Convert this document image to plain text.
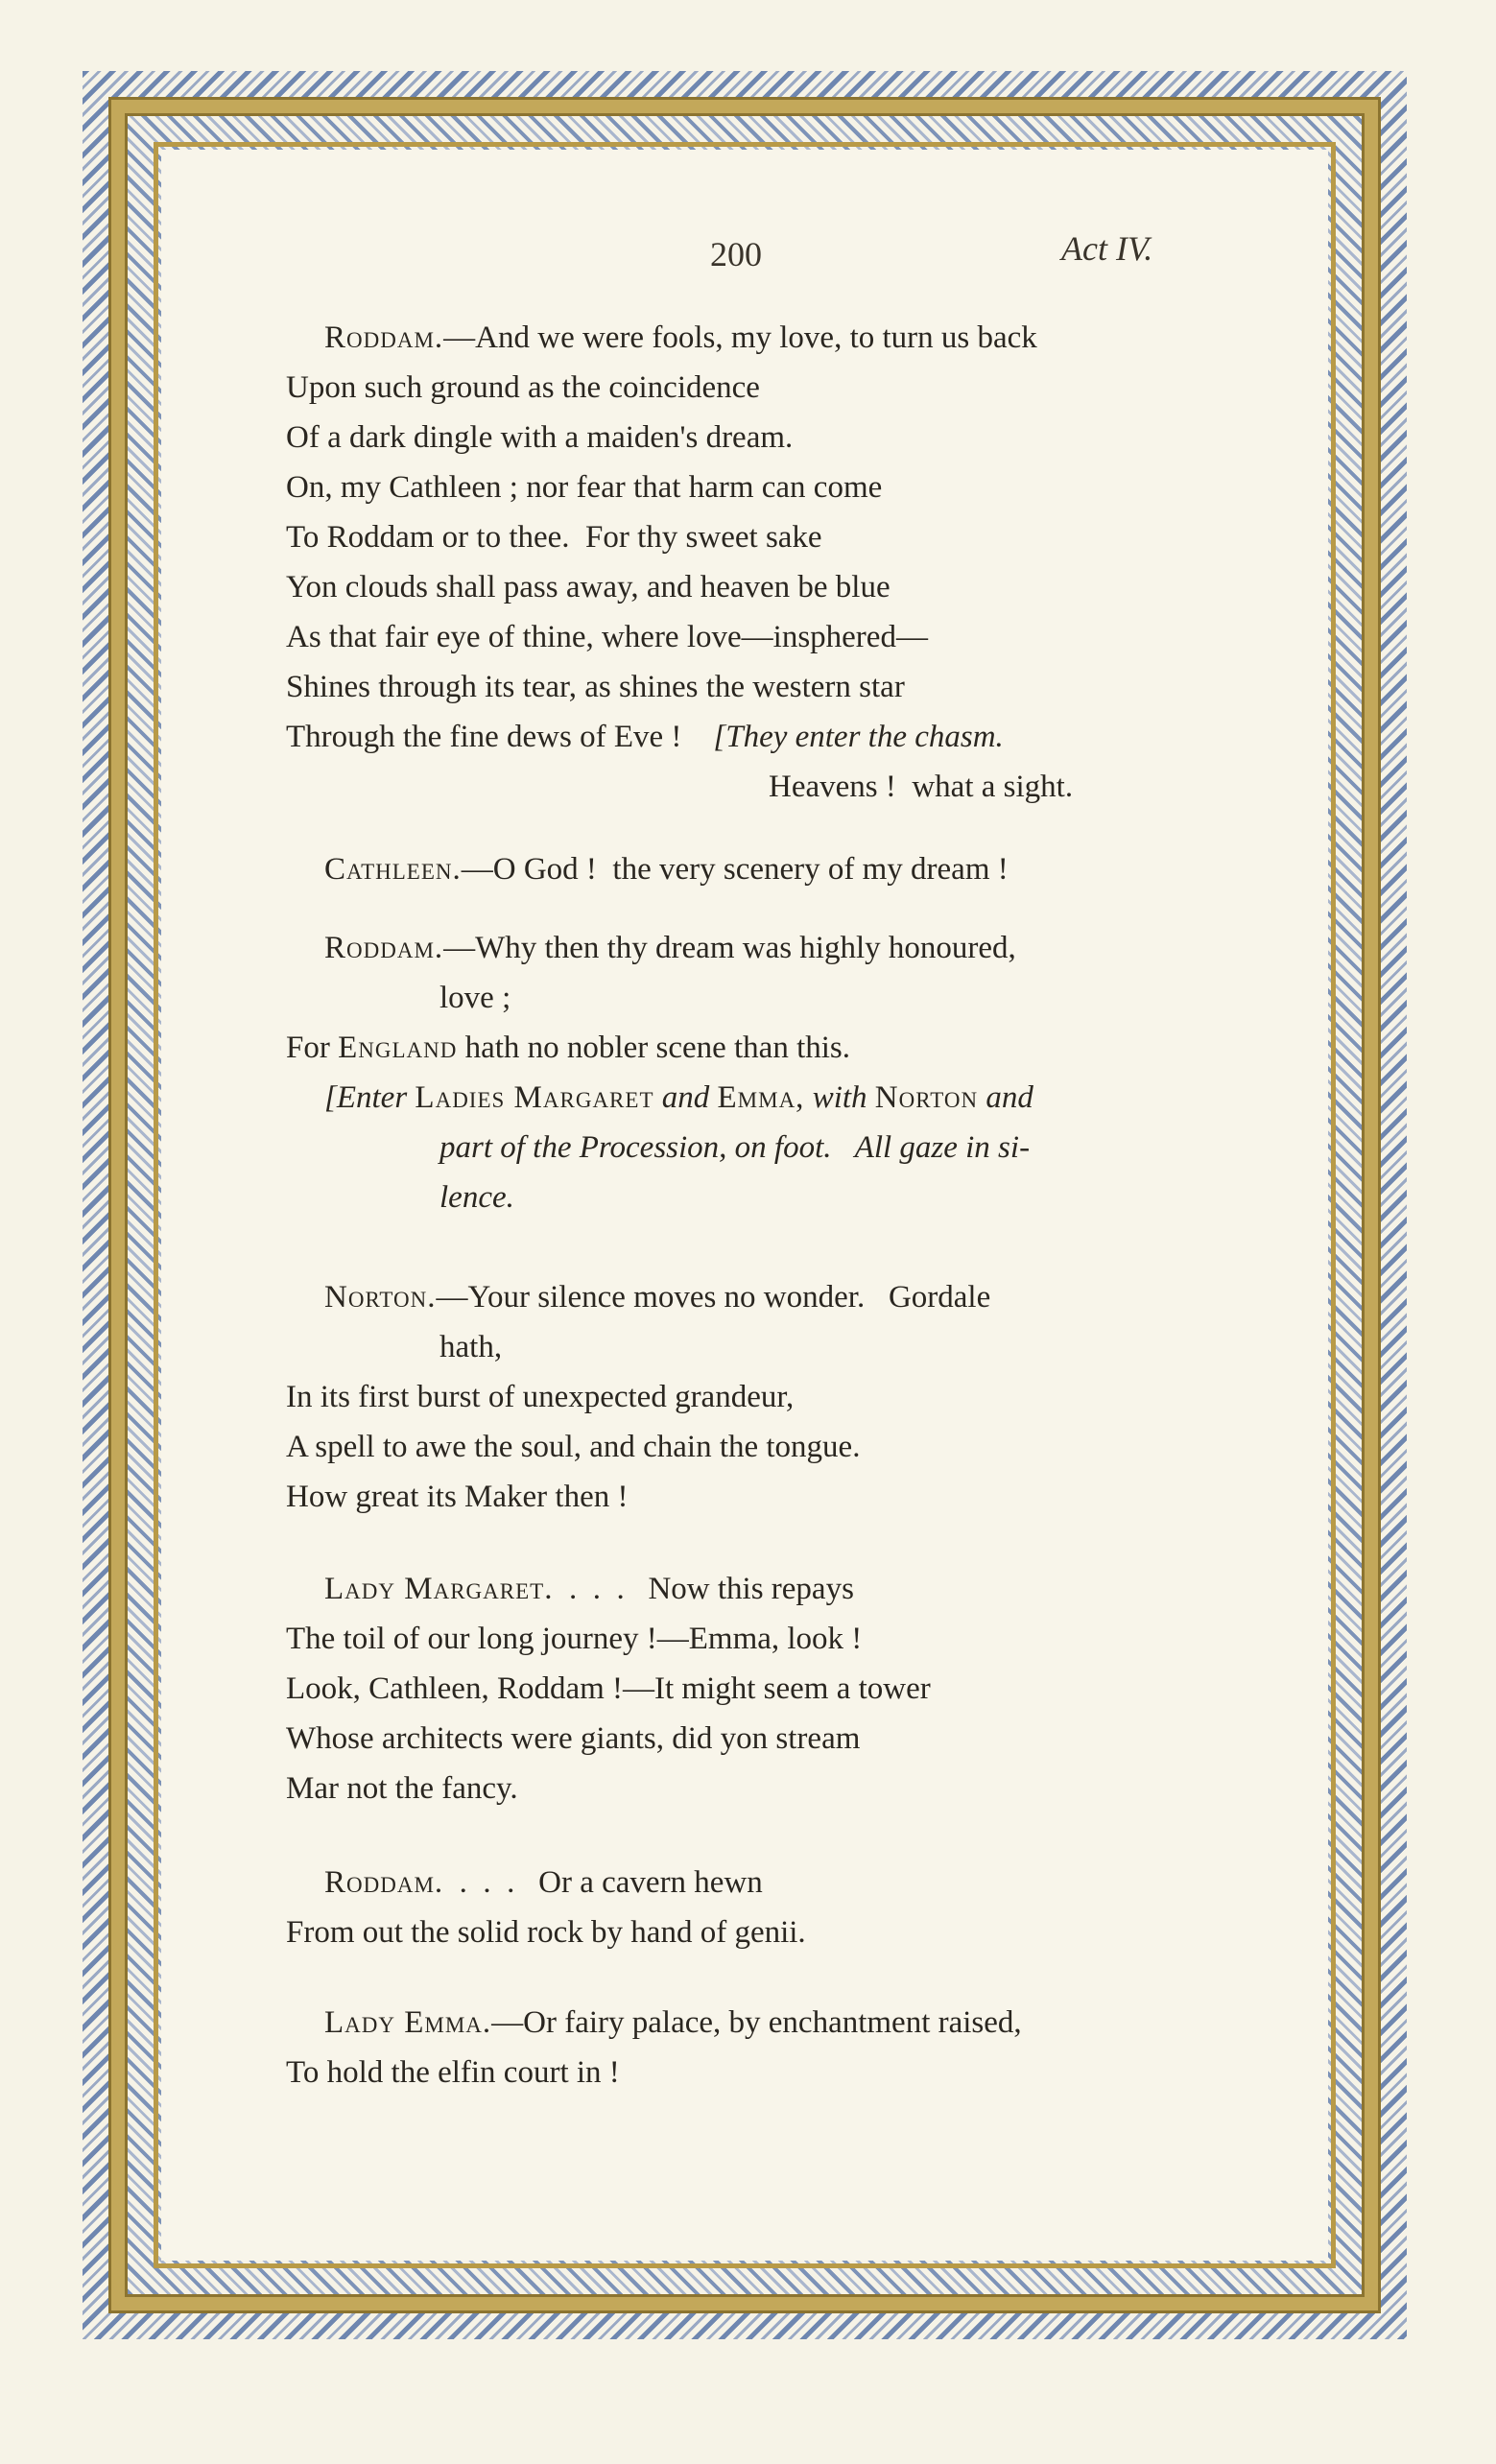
200	Act IV.
Roddam.—And we were fools, my love, to turn us back
Upon such ground as the coincidence
Of a dark dingle with a maiden's dream.
On, my Cathleen ; nor fear that harm can come
To Roddam or to thee.  For thy sweet sake
Yon clouds shall pass away, and heaven be blue
As that fair eye of thine, where love—insphered—
Shines through its tear, as shines the western star
Through the fine dews of Eve ! [They enter the chasm.
Heavens !  what a sight.
Cathleen.—O God !  the very scenery of my dream !
Roddam.—Why then thy dream was highly honoured,
love ;
For England hath no nobler scene than this.
[Enter Ladies Margaret and Emma, with Norton and
part of the Procession, on foot.   All gaze in si-
lence.
Norton.—Your silence moves no wonder.   Gordale
hath,
In its first burst of unexpected grandeur,
A spell to awe the soul, and chain the tongue.
How great its Maker then !
Lady Margaret.  .  .  .   Now this repays
The toil of our long journey !—Emma, look !
Look, Cathleen, Roddam !—It might seem a tower
Whose architects were giants, did yon stream
Mar not the fancy.
Roddam.  .  .  .   Or a cavern hewn
From out the solid rock by hand of genii.
Lady Emma.—Or fairy palace, by enchantment raised,
To hold the elfin court in !
